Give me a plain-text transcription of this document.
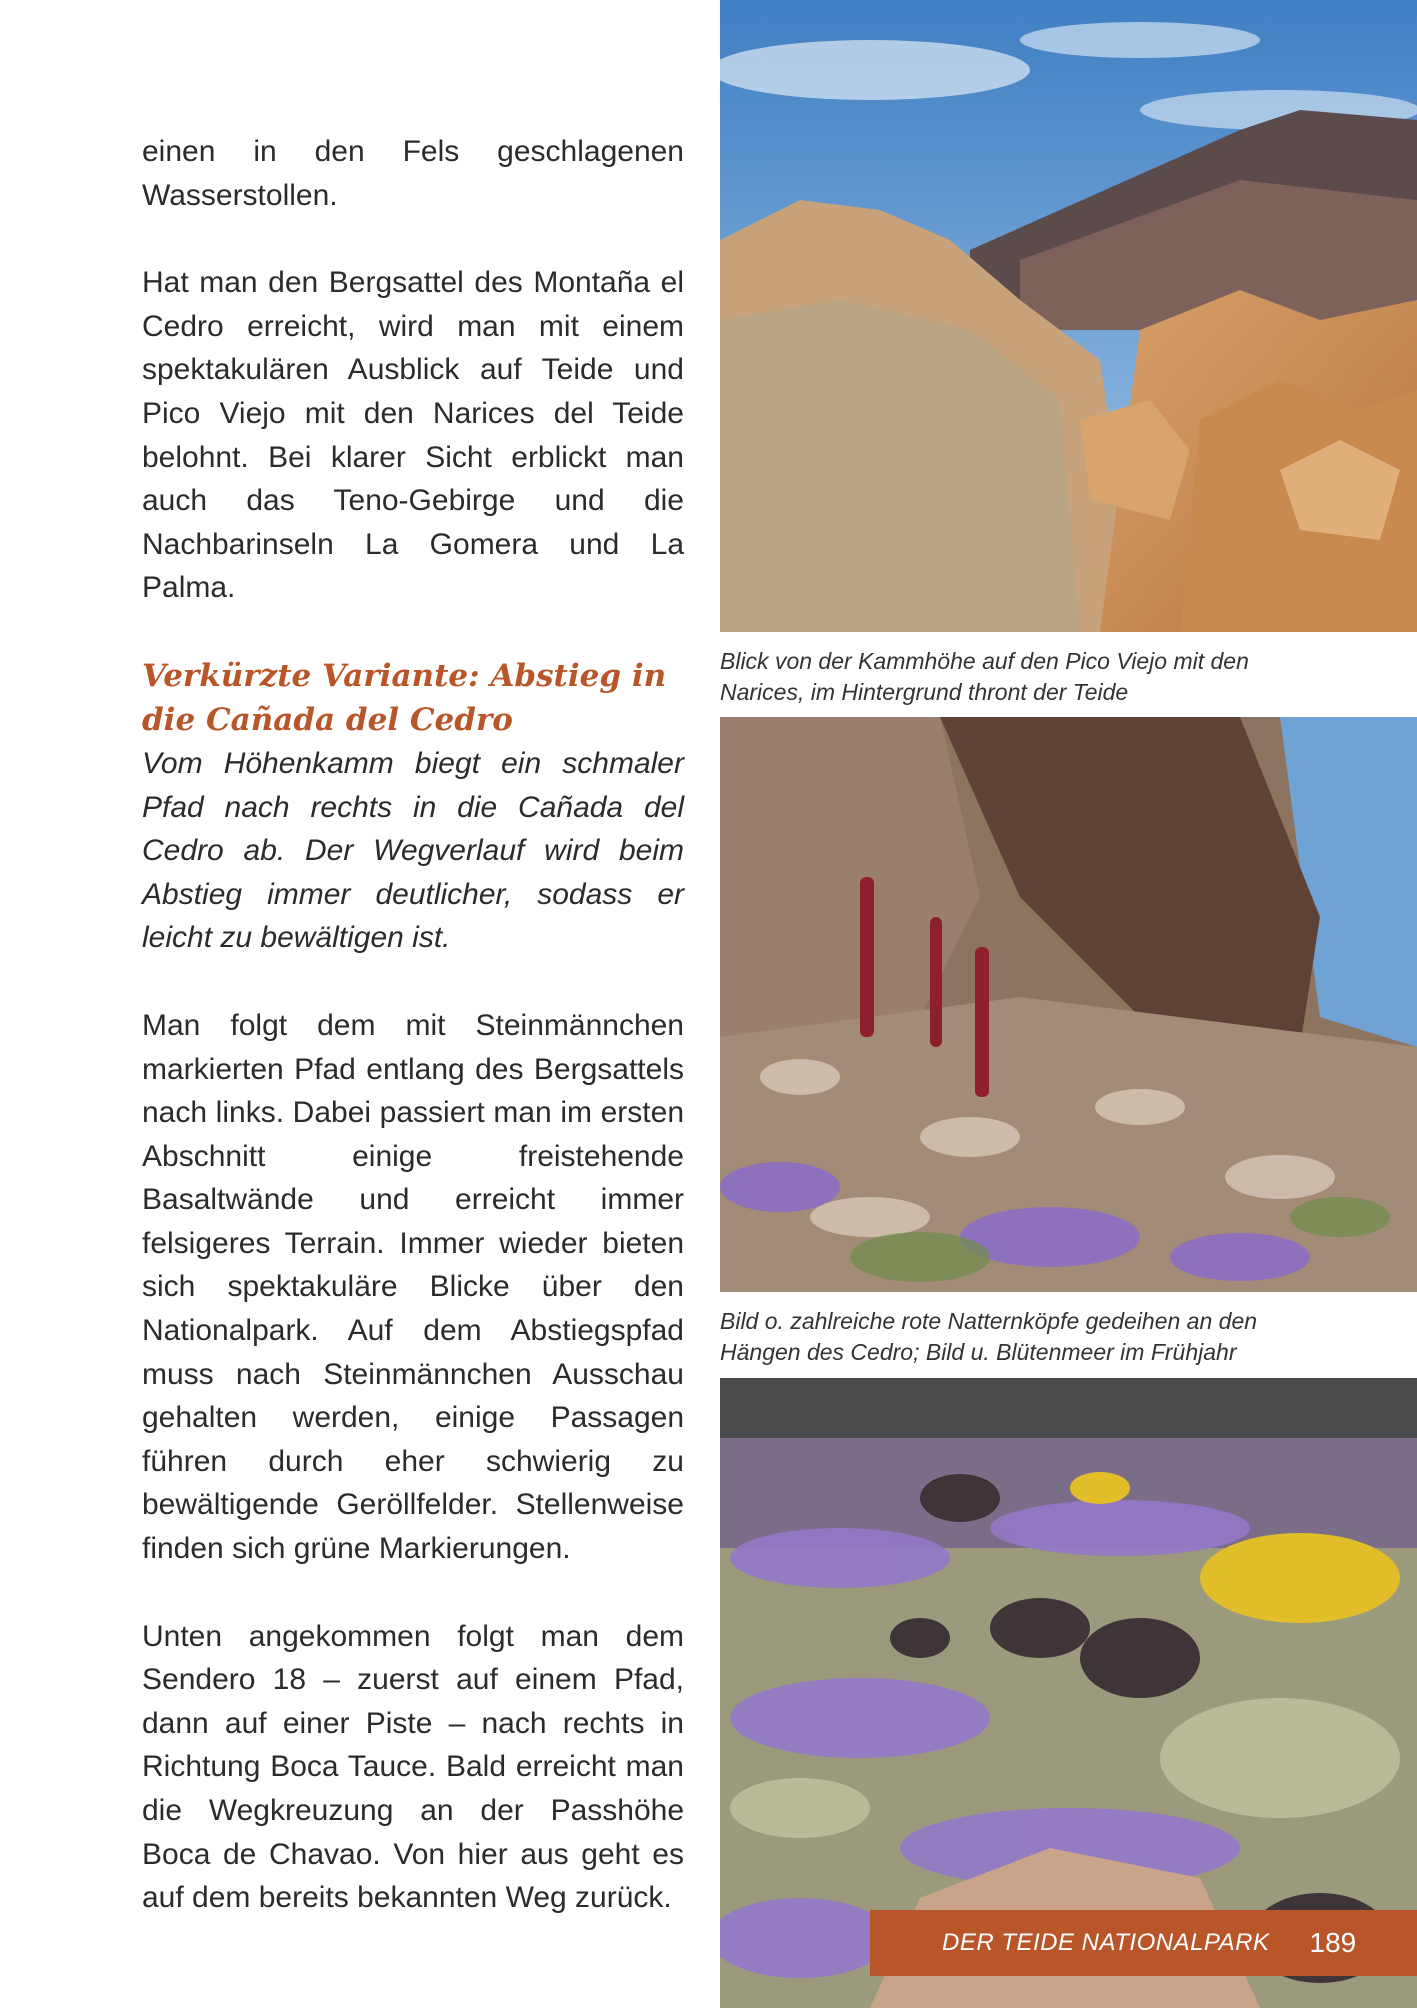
einen in den Fels geschlagenen Wasserstollen.

Hat man den Bergsattel des Montaña el Cedro erreicht, wird man mit einem spektakulären Ausblick auf Teide und Pico Viejo mit den Narices del Teide belohnt. Bei klarer Sicht erblickt man auch das Teno-Gebirge und die Nachbarinseln La Gomera und La Palma.

Verkürzte Variante: Abstieg in die Cañada del Cedro

Vom Höhenkamm biegt ein schmaler Pfad nach rechts in die Cañada del Cedro ab. Der Wegverlauf wird beim Abstieg immer deutlicher, sodass er leicht zu bewältigen ist.

Man folgt dem mit Steinmännchen markierten Pfad entlang des Bergsattels nach links. Dabei passiert man im ersten Abschnitt einige freistehende Basaltwände und erreicht immer felsigeres Terrain. Immer wieder bieten sich spektakuläre Blicke über den Nationalpark. Auf dem Abstiegspfad muss nach Steinmännchen Ausschau gehalten werden, einige Passagen führen durch eher schwierig zu bewältigende Geröllfelder. Stellenweise finden sich grüne Markierungen.

Unten angekommen folgt man dem Sendero 18 – zuerst auf einem Pfad, dann auf einer Piste – nach rechts in Richtung Boca Tauce. Bald erreicht man die Wegkreuzung an der Passhöhe Boca de Chavao. Von hier aus geht es auf dem bereits bekannten Weg zurück.

Blick von der Kammhöhe auf den Pico Viejo mit den Narices, im Hintergrund thront der Teide
Bild o. zahlreiche rote Natternköpfe gedeihen an den Hängen des Cedro; Bild u. Blütenmeer im Frühjahr
DER TEIDE NATIONALPARK 189
